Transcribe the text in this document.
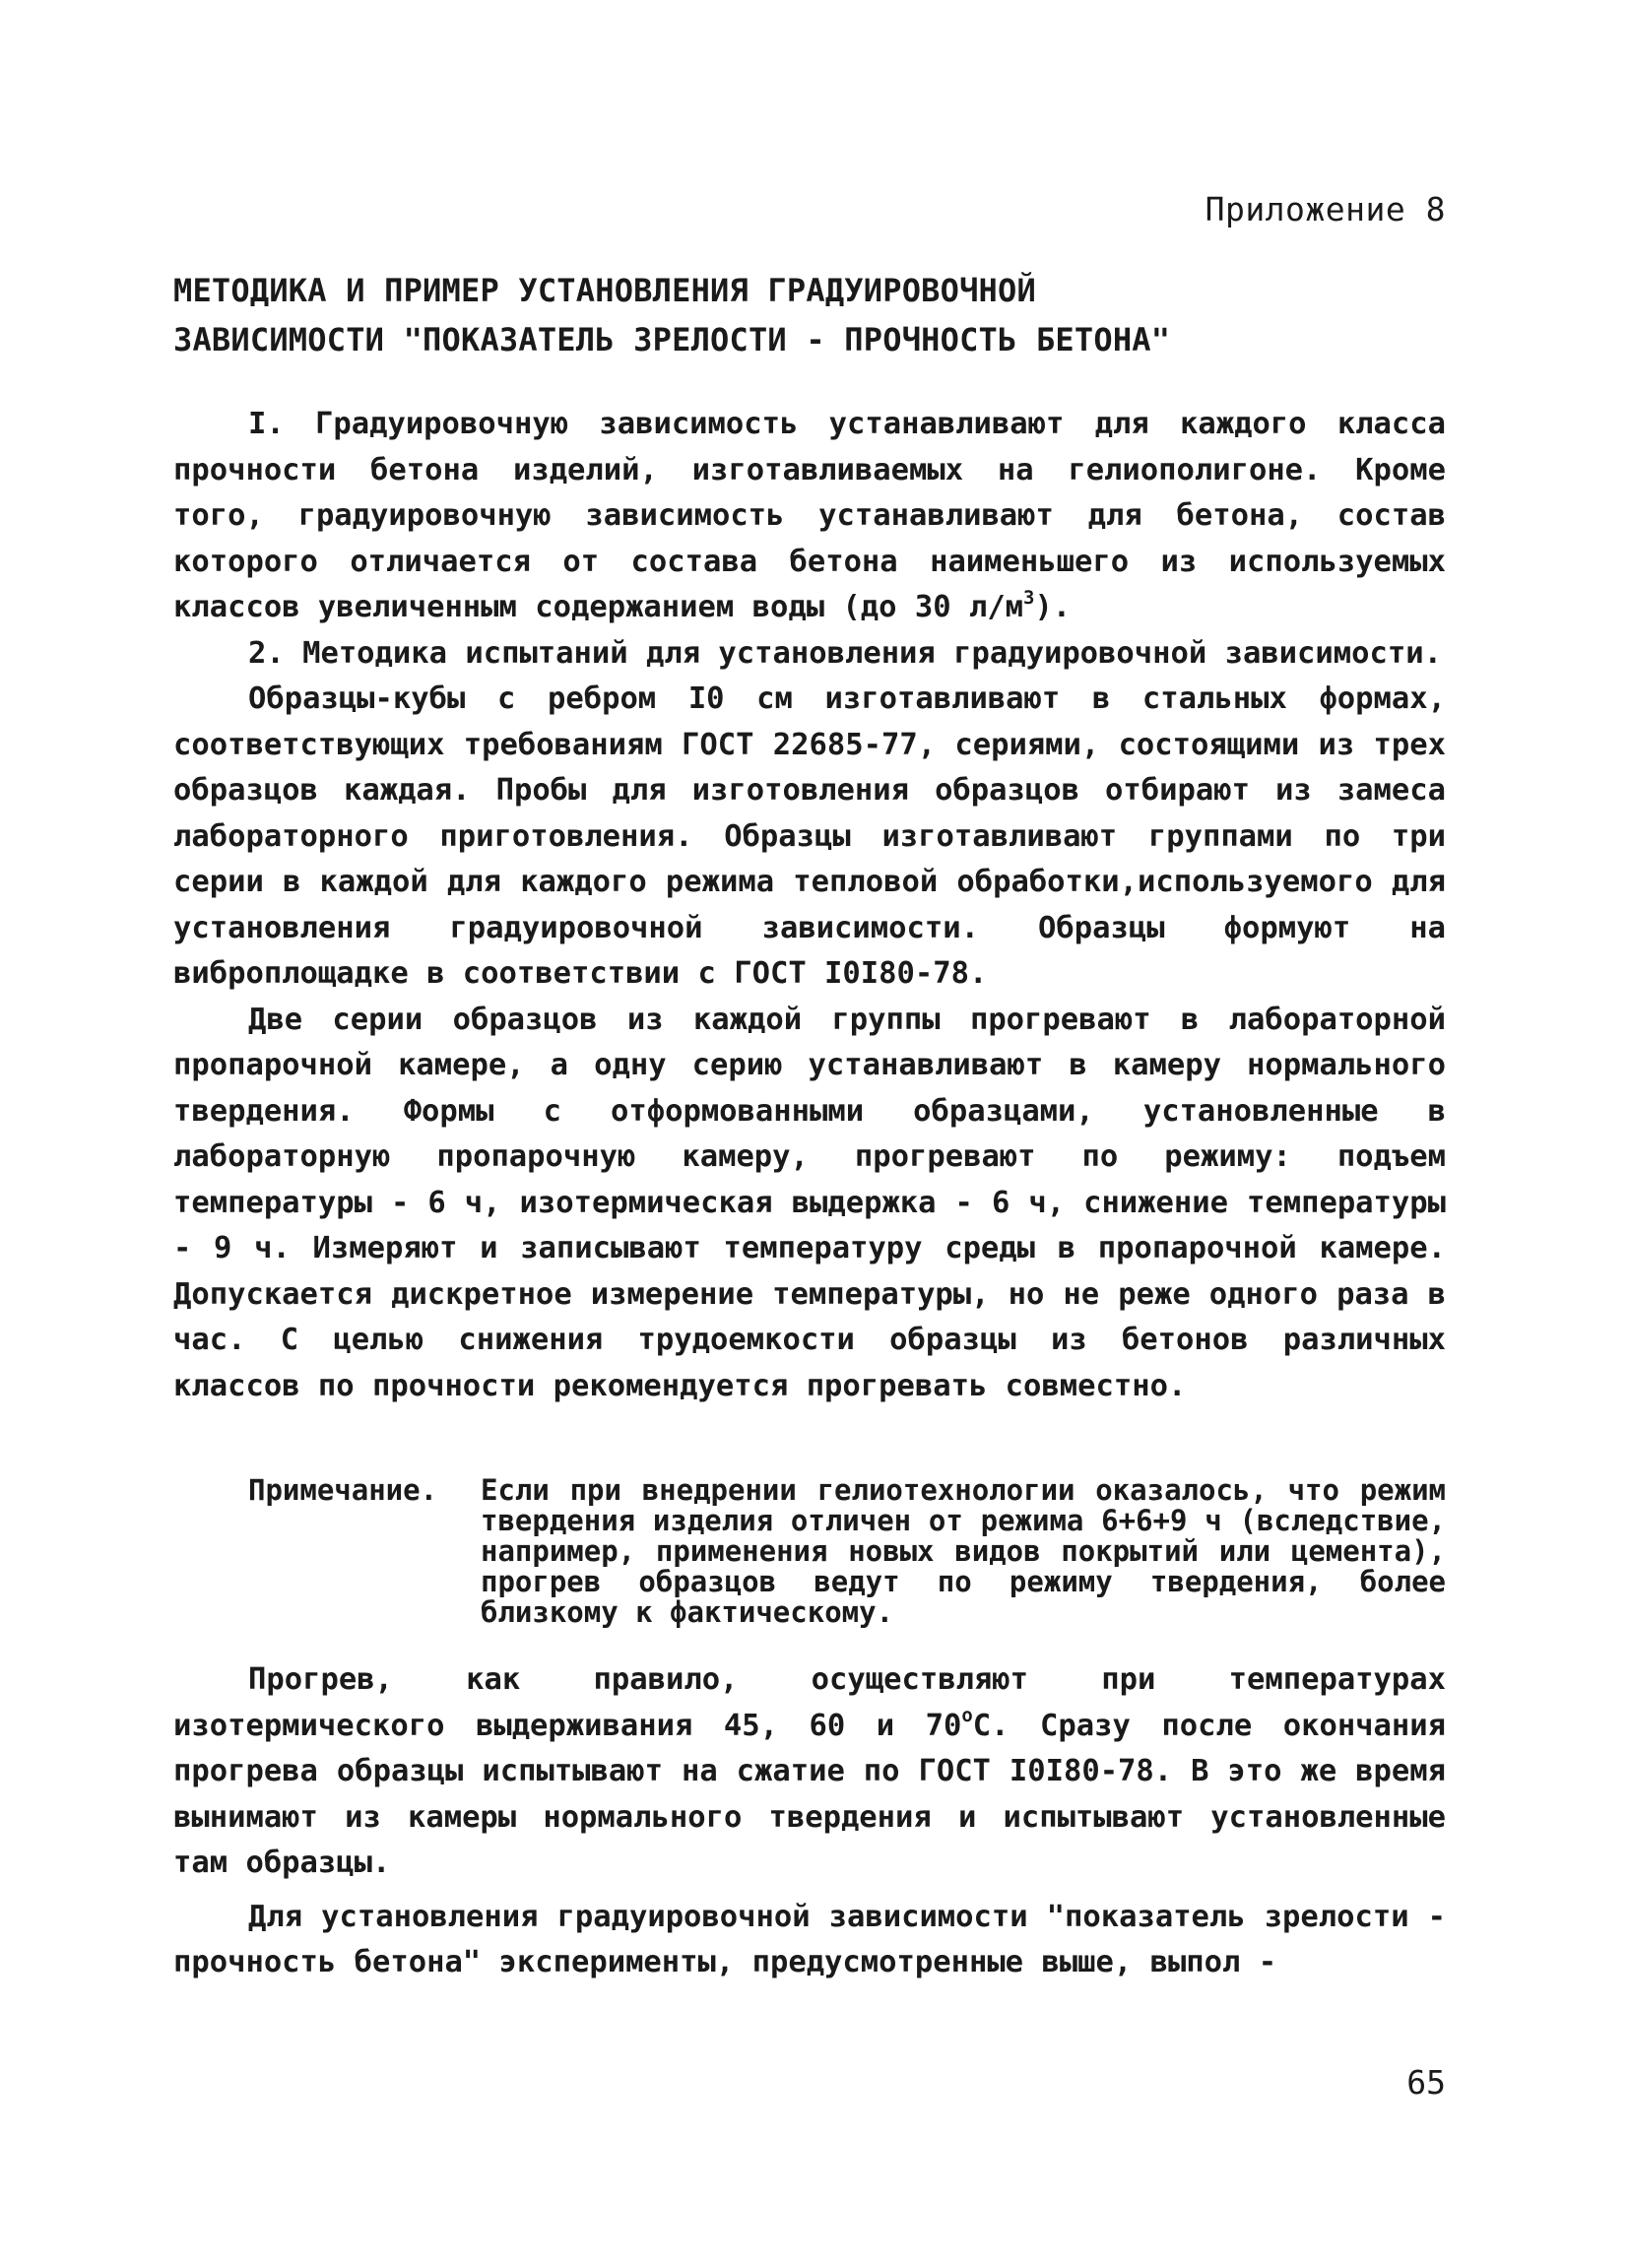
Приложение 8
МЕТОДИКА И ПРИМЕР УСТАНОВЛЕНИЯ ГРАДУИРОВОЧНОЙ
ЗАВИСИМОСТИ "ПОКАЗАТЕЛЬ ЗРЕЛОСТИ - ПРОЧНОСТЬ БЕТОНА"

I. Градуировочную зависимость устанавливают для каждого класса прочности бетона изделий, изготавливаемых на гелиополигоне. Кроме того, градуировочную зависимость устанавливают для бетона, состав которого отличается от состава бетона наименьшего из используемых классов увеличенным содержанием воды (до 30 $л/м^3$).

2. Методика испытаний для установления градуировочной зависимости.

Образцы-кубы с ребром I0 см изготавливают в стальных формах, соответствующих требованиям ГОСТ 22685-77, сериями, состоящими из трех образцов каждая. Пробы для изготовления образцов отбирают из замеса лабораторного приготовления. Образцы изготавливают группами по три серии в каждой для каждого режима тепловой обработки,используемого для установления градуировочной зависимости. Образцы формуют на виброплощадке в соответствии с ГОСТ I0I80-78.

Две серии образцов из каждой группы прогревают в лабораторной пропарочной камере, а одну серию устанавливают в камеру нормального твердения. Формы с отформованными образцами, установленные в лабораторную пропарочную камеру, прогревают по режиму: подъем температуры - 6 ч, изотермическая выдержка - 6 ч, снижение температуры - 9 ч. Измеряют и записывают температуру среды в пропарочной камере. Допускается дискретное измерение температуры, но не реже одного раза в час. С целью снижения трудоемкости образцы из бетонов различных классов по прочности рекомендуется прогревать совместно.

Примечание.	Если при внедрении гелиотехнологии оказалось, что режим твердения изделия отличен от режима 6+6+9 ч (вследствие, например, применения новых видов покрытий или цемента), прогрев образцов ведут по режиму твердения, более близкому к фактическому.

Прогрев, как правило, осуществляют при температурах изотермического выдерживания 45, 60 и $70^оС$. Сразу после окончания прогрева образцы испытывают на сжатие по ГОСТ I0I80-78. В это же время вынимают из камеры нормального твердения и испытывают установленные там образцы.

Для установления градуировочной зависимости "показатель зрелости - прочность бетона" эксперименты, предусмотренные выше, выпол -

65
